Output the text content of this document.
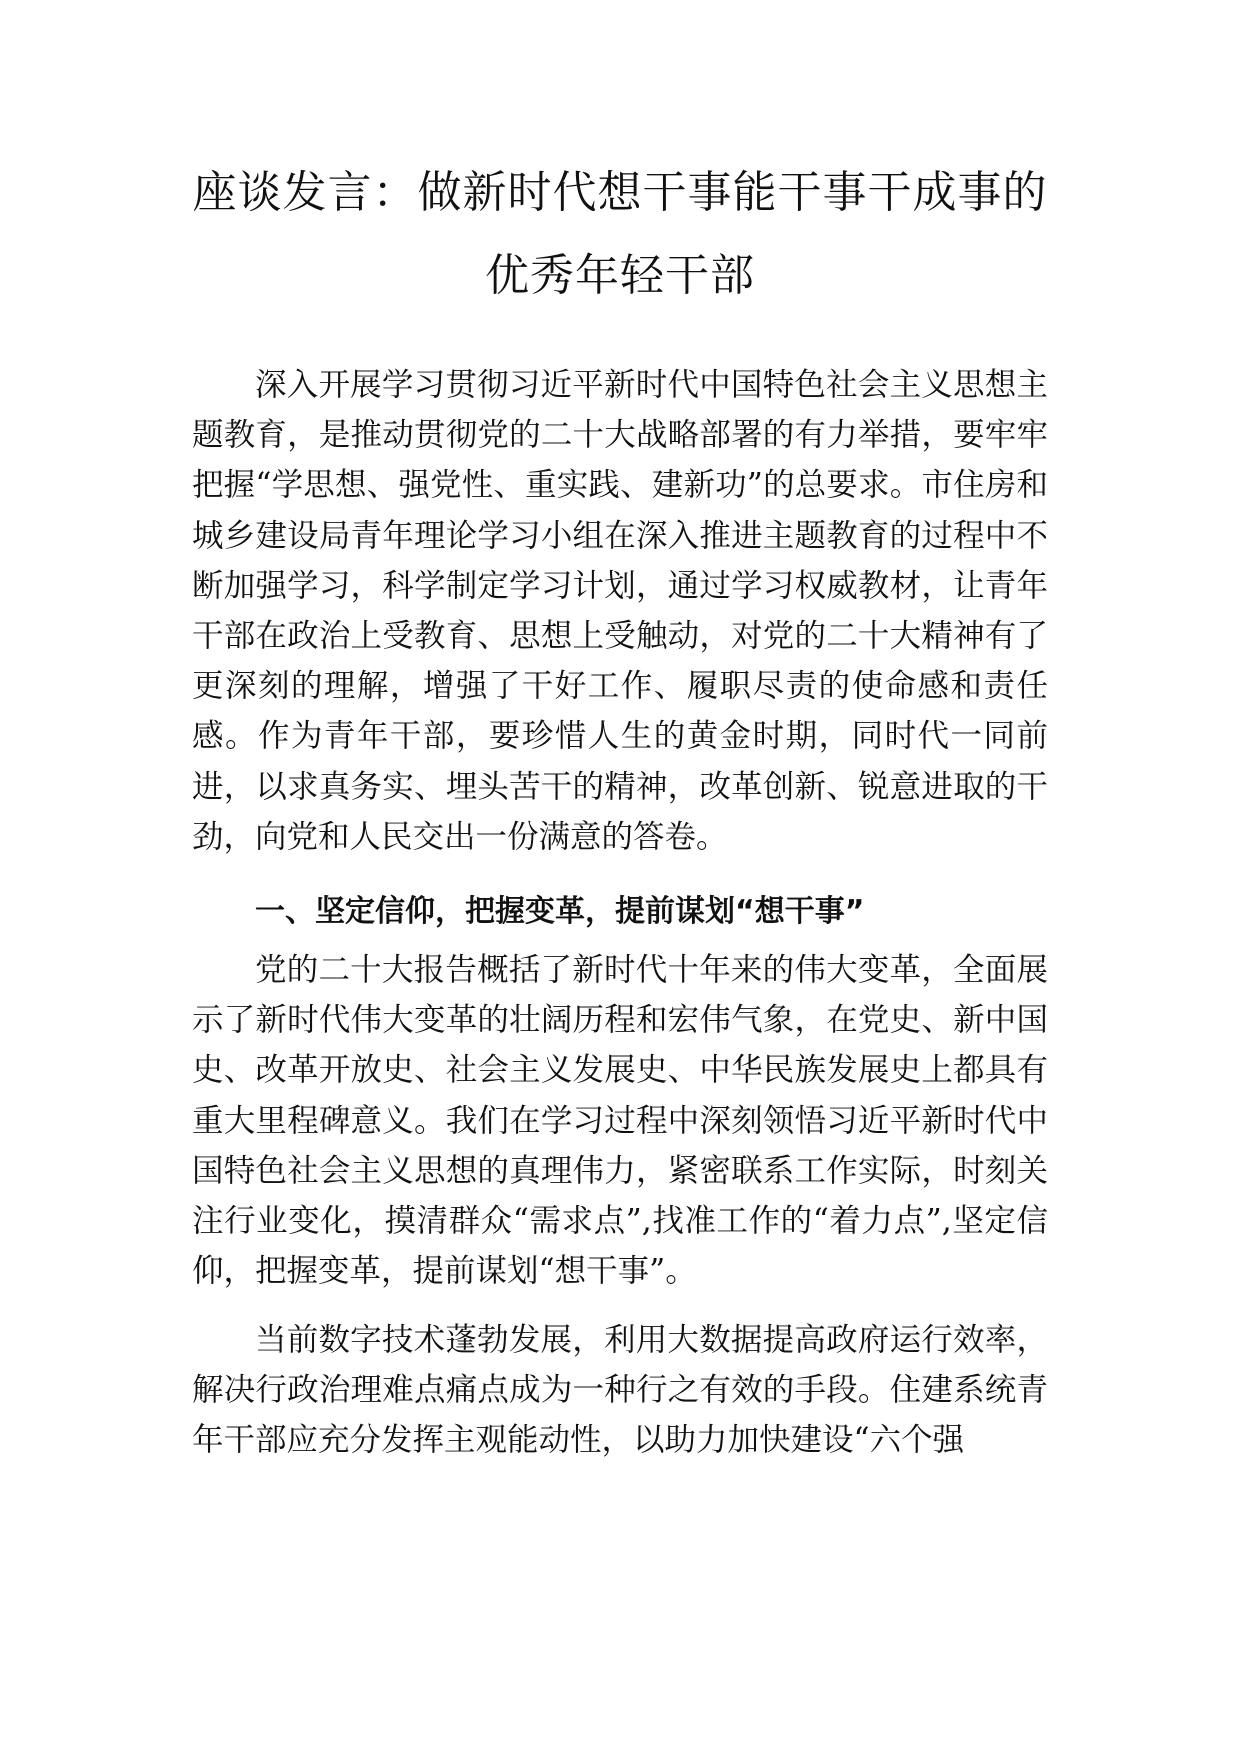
座谈发言：做新时代想干事能干事干成事的
优秀年轻干部

深入开展学习贯彻习近平新时代中国特色社会主义思想主题教育，是推动贯彻党的二十大战略部署的有力举措，要牢牢把握“学思想、强党性、重实践、建新功”的总要求。市住房和城乡建设局青年理论学习小组在深入推进主题教育的过程中不断加强学习，科学制定学习计划，通过学习权威教材，让青年干部在政治上受教育、思想上受触动，对党的二十大精神有了更深刻的理解，增强了干好工作、履职尽责的使命感和责任感。作为青年干部，要珍惜人生的黄金时期，同时代一同前进，以求真务实、埋头苦干的精神，改革创新、锐意进取的干劲，向党和人民交出一份满意的答卷。

一、坚定信仰，把握变革，提前谋划“想干事”

党的二十大报告概括了新时代十年来的伟大变革，全面展示了新时代伟大变革的壮阔历程和宏伟气象，在党史、新中国史、改革开放史、社会主义发展史、中华民族发展史上都具有重大里程碑意义。我们在学习过程中深刻领悟习近平新时代中国特色社会主义思想的真理伟力，紧密联系工作实际，时刻关注行业变化，摸清群众“需求点”,找准工作的“着力点”,坚定信仰，把握变革，提前谋划“想干事”。

当前数字技术蓬勃发展，利用大数据提高政府运行效率，解决行政治理难点痛点成为一种行之有效的手段。住建系统青年干部应充分发挥主观能动性，以助力加快建设“六个强
